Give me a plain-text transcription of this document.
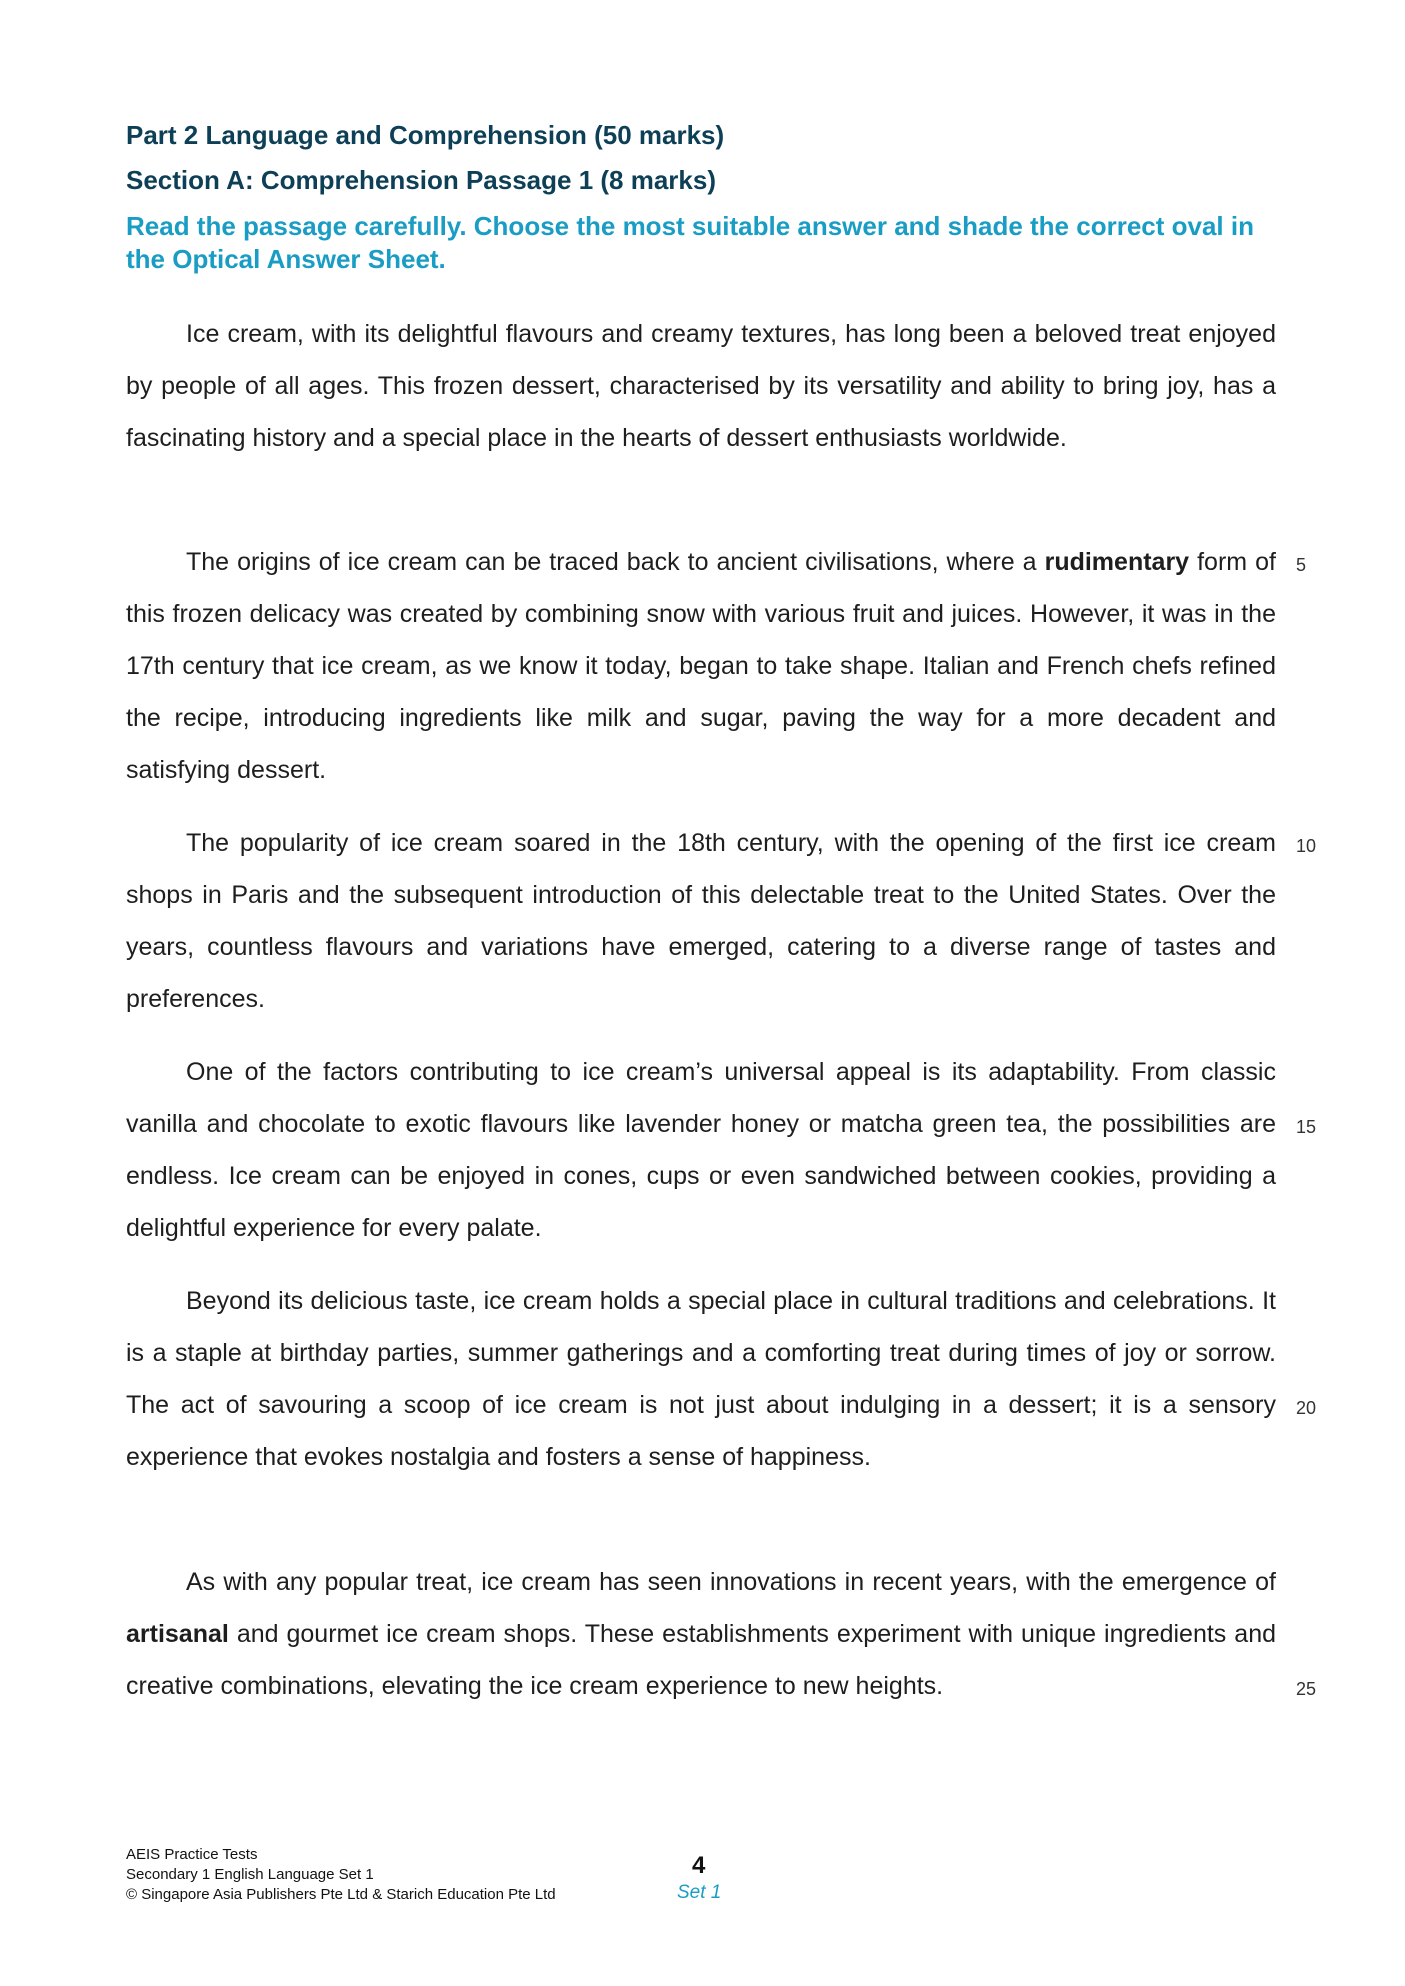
Part 2 Language and Comprehension (50 marks)
Section A: Comprehension Passage 1 (8 marks)
Read the passage carefully. Choose the most suitable answer and shade the correct oval in the Optical Answer Sheet.

Ice cream, with its delightful flavours and creamy textures, has long been a beloved treat enjoyed by people of all ages. This frozen dessert, characterised by its versatility and ability to bring joy, has a fascinating history and a special place in the hearts of dessert enthusiasts worldwide.

The origins of ice cream can be traced back to ancient civilisations, where a rudimentary form of this frozen delicacy was created by combining snow with various fruit and juices. However, it was in the 17th century that ice cream, as we know it today, began to take shape. Italian and French chefs refined the recipe, introducing ingredients like milk and sugar, paving the way for a more decadent and satisfying dessert.

The popularity of ice cream soared in the 18th century, with the opening of the first ice cream shops in Paris and the subsequent introduction of this delectable treat to the United States. Over the years, countless flavours and variations have emerged, catering to a diverse range of tastes and preferences.

One of the factors contributing to ice cream’s universal appeal is its adaptability. From classic vanilla and chocolate to exotic flavours like lavender honey or matcha green tea, the possibilities are endless. Ice cream can be enjoyed in cones, cups or even sandwiched between cookies, providing a delightful experience for every palate.

Beyond its delicious taste, ice cream holds a special place in cultural traditions and celebrations. It is a staple at birthday parties, summer gatherings and a comforting treat during times of joy or sorrow. The act of savouring a scoop of ice cream is not just about indulging in a dessert; it is a sensory experience that evokes nostalgia and fosters a sense of happiness.

As with any popular treat, ice cream has seen innovations in recent years, with the emergence of artisanal and gourmet ice cream shops. These establishments experiment with unique ingredients and creative combinations, elevating the ice cream experience to new heights.

5
10
15
20
25
AEIS Practice Tests
Secondary 1 English Language Set 1
© Singapore Asia Publishers Pte Ltd & Starich Education Pte Ltd
4
Set 1
